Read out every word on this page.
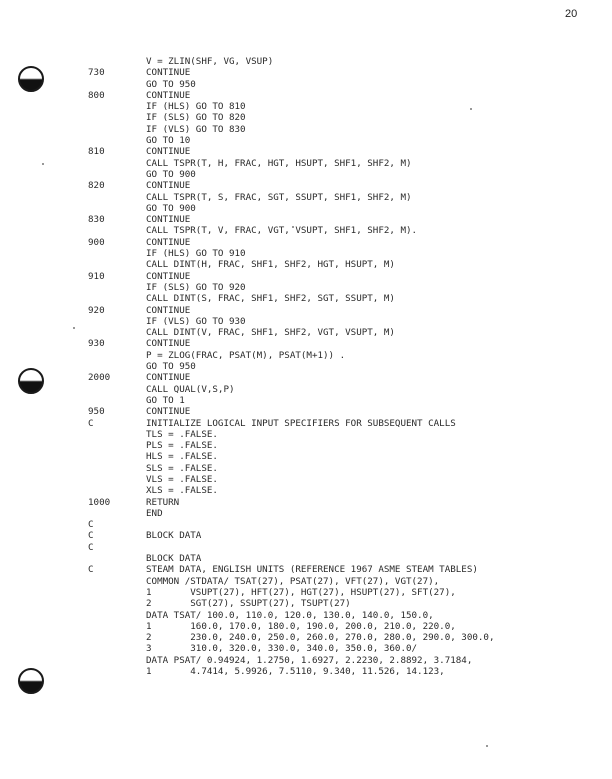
20
V = ZLIN(SHF, VG, VSUP)
730	CONTINUE
GO TO 950
800	CONTINUE
IF (HLS) GO TO 810
IF (SLS) GO TO 820
IF (VLS) GO TO 830
GO TO 10
810	CONTINUE
CALL TSPR(T, H, FRAC, HGT, HSUPT, SHF1, SHF2, M)
GO TO 900
820	CONTINUE
CALL TSPR(T, S, FRAC, SGT, SSUPT, SHF1, SHF2, M)
GO TO 900
830	CONTINUE
CALL TSPR(T, V, FRAC, VGT, VSUPT, SHF1, SHF2, M).
900	CONTINUE
IF (HLS) GO TO 910
CALL DINT(H, FRAC, SHF1, SHF2, HGT, HSUPT, M)
910	CONTINUE
IF (SLS) GO TO 920
CALL DINT(S, FRAC, SHF1, SHF2, SGT, SSUPT, M)
920	CONTINUE
IF (VLS) GO TO 930
CALL DINT(V, FRAC, SHF1, SHF2, VGT, VSUPT, M)
930	CONTINUE
P = ZLOG(FRAC, PSAT(M), PSAT(M+1)) .
GO TO 950
2000	CONTINUE
CALL QUAL(V,S,P)
GO TO 1
950	CONTINUE
C	INITIALIZE LOGICAL INPUT SPECIFIERS FOR SUBSEQUENT CALLS
TLS = .FALSE.
PLS = .FALSE.
HLS = .FALSE.
SLS = .FALSE.
VLS = .FALSE.
XLS = .FALSE.
1000	RETURN
END
C
C	BLOCK DATA
C
BLOCK DATA
C	STEAM DATA, ENGLISH UNITS (REFERENCE 1967 ASME STEAM TABLES)
COMMON /STDATA/ TSAT(27), PSAT(27), VFT(27), VGT(27),
1       VSUPT(27), HFT(27), HGT(27), HSUPT(27), SFT(27),
2       SGT(27), SSUPT(27), TSUPT(27)
DATA TSAT/ 100.0, 110.0, 120.0, 130.0, 140.0, 150.0,
1       160.0, 170.0, 180.0, 190.0, 200.0, 210.0, 220.0,
2       230.0, 240.0, 250.0, 260.0, 270.0, 280.0, 290.0, 300.0,
3       310.0, 320.0, 330.0, 340.0, 350.0, 360.0/
DATA PSAT/ 0.94924, 1.2750, 1.6927, 2.2230, 2.8892, 3.7184,
1       4.7414, 5.9926, 7.5110, 9.340, 11.526, 14.123,
